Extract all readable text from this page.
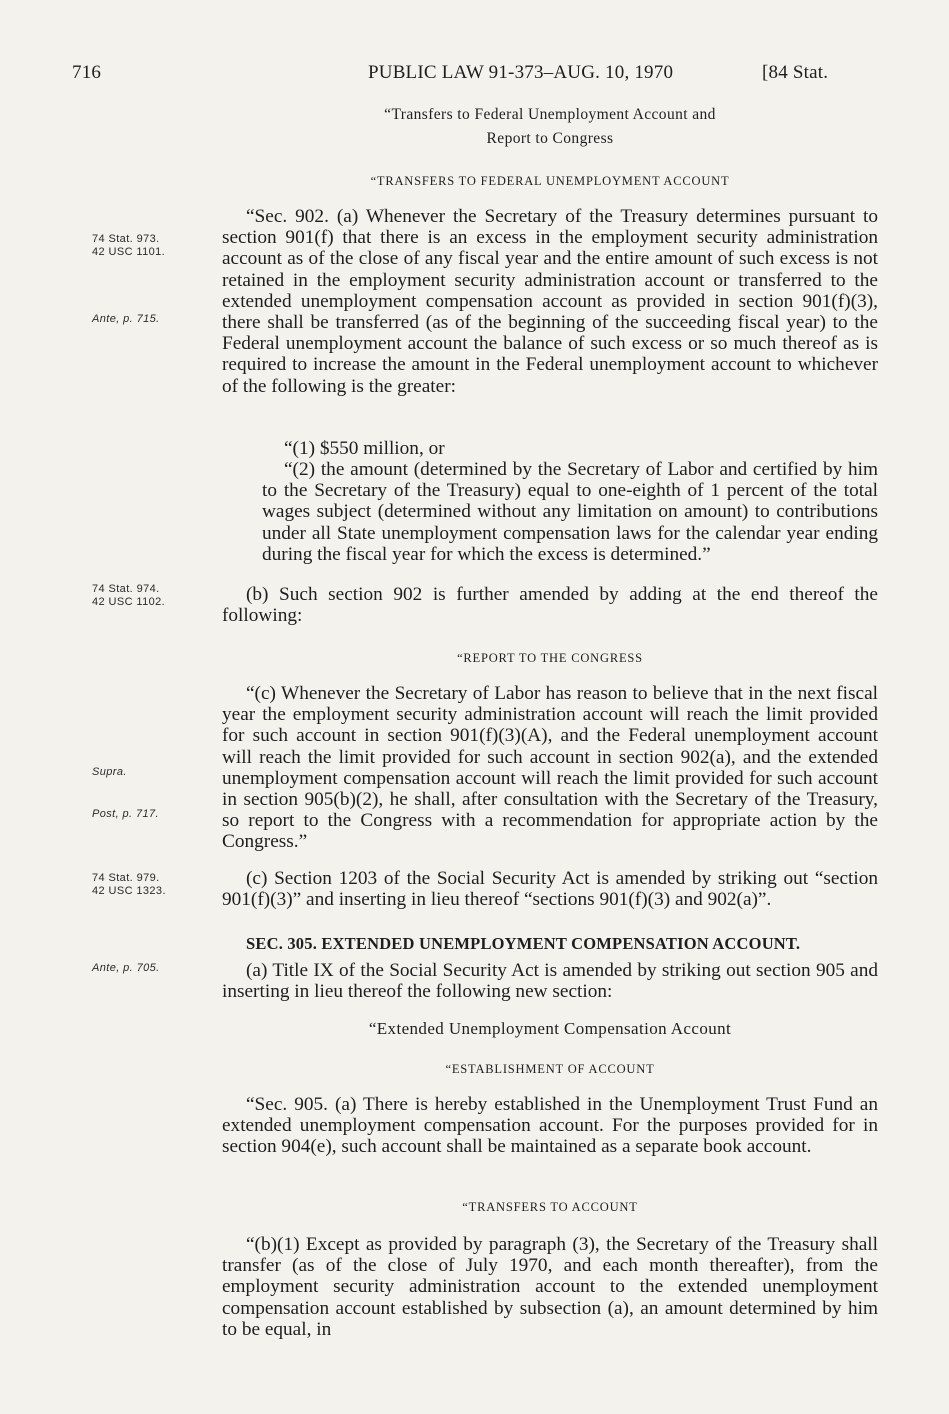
716	PUBLIC LAW 91-373–AUG. 10, 1970	[84 Stat.
“Transfers to Federal Unemployment Account and
Report to Congress
“TRANSFERS TO FEDERAL UNEMPLOYMENT ACCOUNT
“Sec. 902. (a) Whenever the Secretary of the Treasury determines pursuant to section 901(f) that there is an excess in the employment security administration account as of the close of any fiscal year and the entire amount of such excess is not retained in the employment security administration account or transferred to the extended unemployment compensation account as provided in section 901(f)(3), there shall be transferred (as of the beginning of the succeeding fiscal year) to the Federal unemployment account the balance of such excess or so much thereof as is required to increase the amount in the Federal unemployment account to whichever of the following is the greater:
“(1) $550 million, or
“(2) the amount (determined by the Secretary of Labor and certified by him to the Secretary of the Treasury) equal to one-eighth of 1 percent of the total wages subject (determined without any limitation on amount) to contributions under all State unemployment compensation laws for the calendar year ending during the fiscal year for which the excess is determined.”
(b) Such section 902 is further amended by adding at the end thereof the following:
“REPORT TO THE CONGRESS
“(c) Whenever the Secretary of Labor has reason to believe that in the next fiscal year the employment security administration account will reach the limit provided for such account in section 901(f)(3)(A), and the Federal unemployment account will reach the limit provided for such account in section 902(a), and the extended unemployment compensation account will reach the limit provided for such account in section 905(b)(2), he shall, after consultation with the Secretary of the Treasury, so report to the Congress with a recommendation for appropriate action by the Congress.”
(c) Section 1203 of the Social Security Act is amended by striking out “section 901(f)(3)” and inserting in lieu thereof “sections 901(f)(3) and 902(a)”.
SEC. 305. EXTENDED UNEMPLOYMENT COMPENSATION ACCOUNT.
(a) Title IX of the Social Security Act is amended by striking out section 905 and inserting in lieu thereof the following new section:
“Extended Unemployment Compensation Account
“ESTABLISHMENT OF ACCOUNT
“Sec. 905. (a) There is hereby established in the Unemployment Trust Fund an extended unemployment compensation account. For the purposes provided for in section 904(e), such account shall be maintained as a separate book account.
“TRANSFERS TO ACCOUNT
“(b)(1) Except as provided by paragraph (3), the Secretary of the Treasury shall transfer (as of the close of July 1970, and each month thereafter), from the employment security administration account to the extended unemployment compensation account established by subsection (a), an amount determined by him to be equal, in
74 Stat. 973.
42 USC 1101.
Ante, p. 715.
74 Stat. 974.
42 USC 1102.
Supra.
Post, p. 717.
74 Stat. 979.
42 USC 1323.
Ante, p. 705.
